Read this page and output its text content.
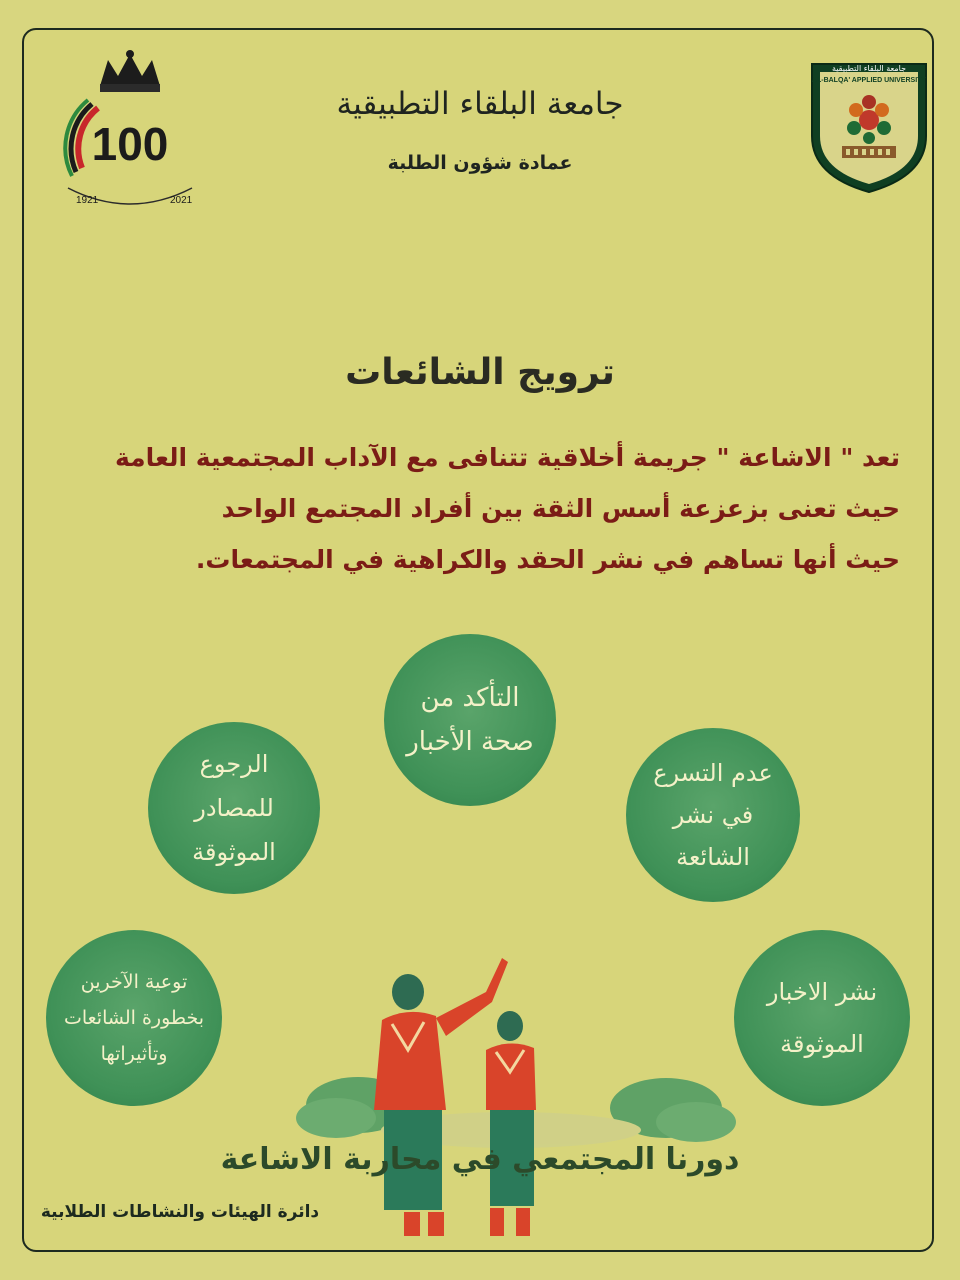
100
1921	2021
جامعة البلقاء التطبيقية
AL-BALQA' APPLIED UNIVERSITY
جامعة البلقاء التطبيقية
عمادة شؤون الطلبة
ترويج الشائعات
تعد " الاشاعة " جريمة أخلاقية تتنافى مع الآداب المجتمعية العامة
حيث تعنى بزعزعة أسس الثقة بين أفراد المجتمع الواحد
حيث أنها تساهم في نشر الحقد والكراهية في المجتمعات.
التأكد من
صحة الأخبار
الرجوع
للمصادر
الموثوقة
عدم التسرع
في نشر
الشائعة
توعية الآخرين
بخطورة الشائعات
وتأثيراتها
نشر الاخبار
الموثوقة
دورنا المجتمعي في محاربة الاشاعة
دائرة الهيئات والنشاطات الطلابية
